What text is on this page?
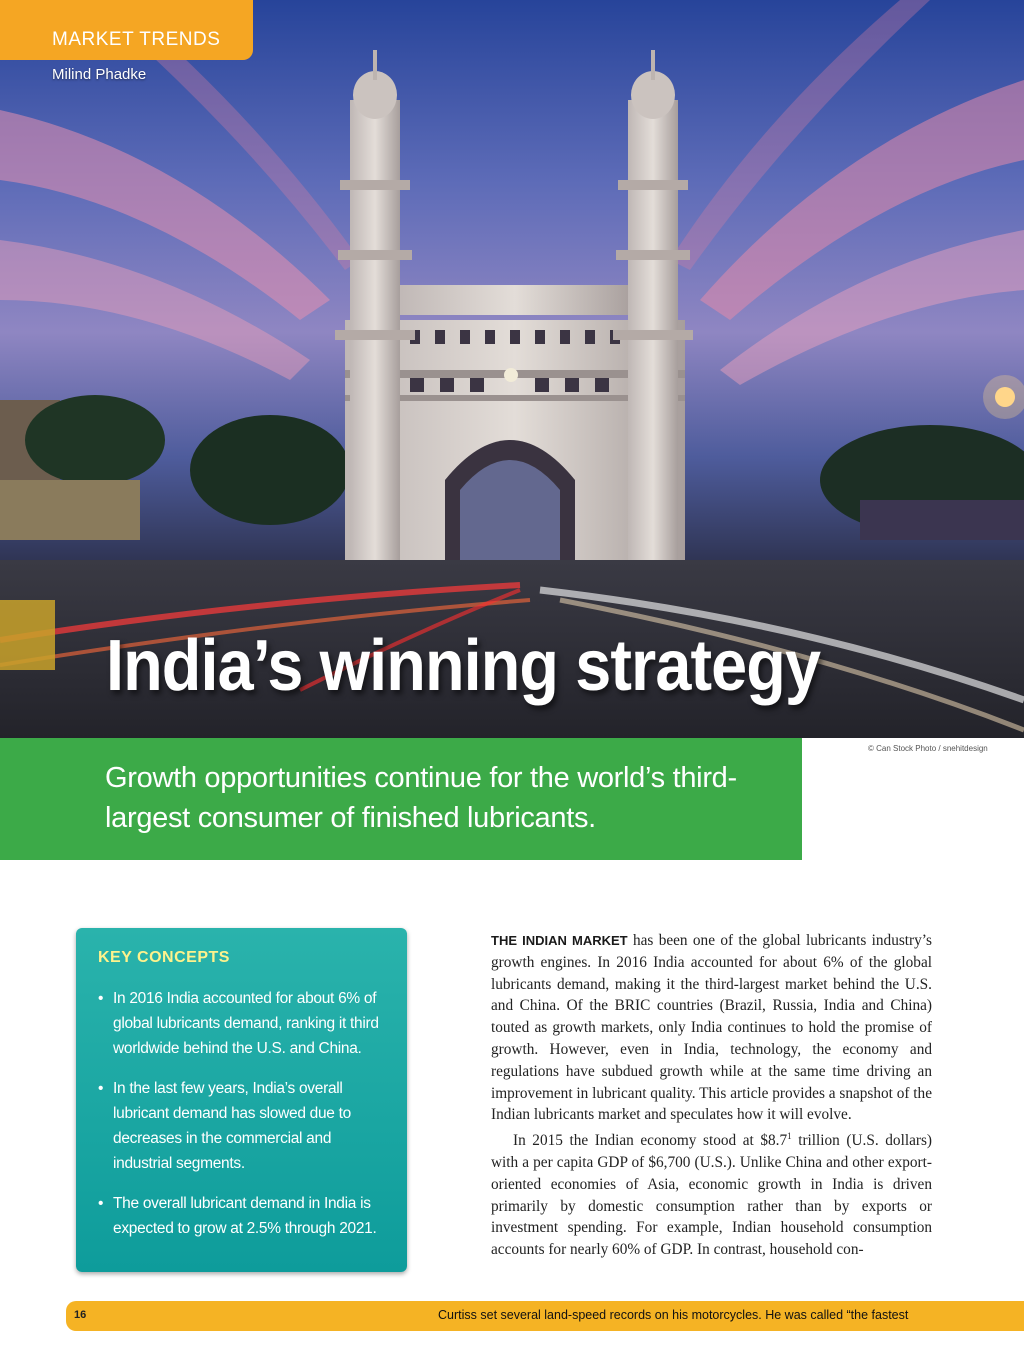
MARKET TRENDS
Milind Phadke
India’s winning strategy
© Can Stock Photo / snehitdesign
Growth opportunities continue for the world’s third-largest consumer of finished lubricants.
KEY CONCEPTS
• In 2016 India accounted for about 6% of global lubricants demand, ranking it third worldwide behind the U.S. and China.
• In the last few years, India’s overall lubricant demand has slowed due to decreases in the commercial and industrial segments.
• The overall lubricant demand in India is expected to grow at 2.5% through 2021.

THE INDIAN MARKET has been one of the global lubricants industry’s growth engines. In 2016 India accounted for about 6% of the global lubricants demand, making it the third-largest market behind the U.S. and China. Of the BRIC countries (Brazil, Russia, India and China) touted as growth markets, only India continues to hold the promise of growth. However, even in India, technology, the economy and regulations have subdued growth while at the same time driving an improvement in lubricant quality. This article provides a snapshot of the Indian lubricants market and speculates how it will evolve.

In 2015 the Indian economy stood at $\$8.7^1$ trillion (U.S. dollars) with a per capita GDP of $6,700 (U.S.). Unlike China and other export-oriented economies of Asia, economic growth in India is driven primarily by domestic consumption rather than by exports or investment spending. For example, Indian household consumption accounts for nearly 60% of GDP. In contrast, household con-

16	Curtiss set several land-speed records on his motorcycles. He was called “the fastest
